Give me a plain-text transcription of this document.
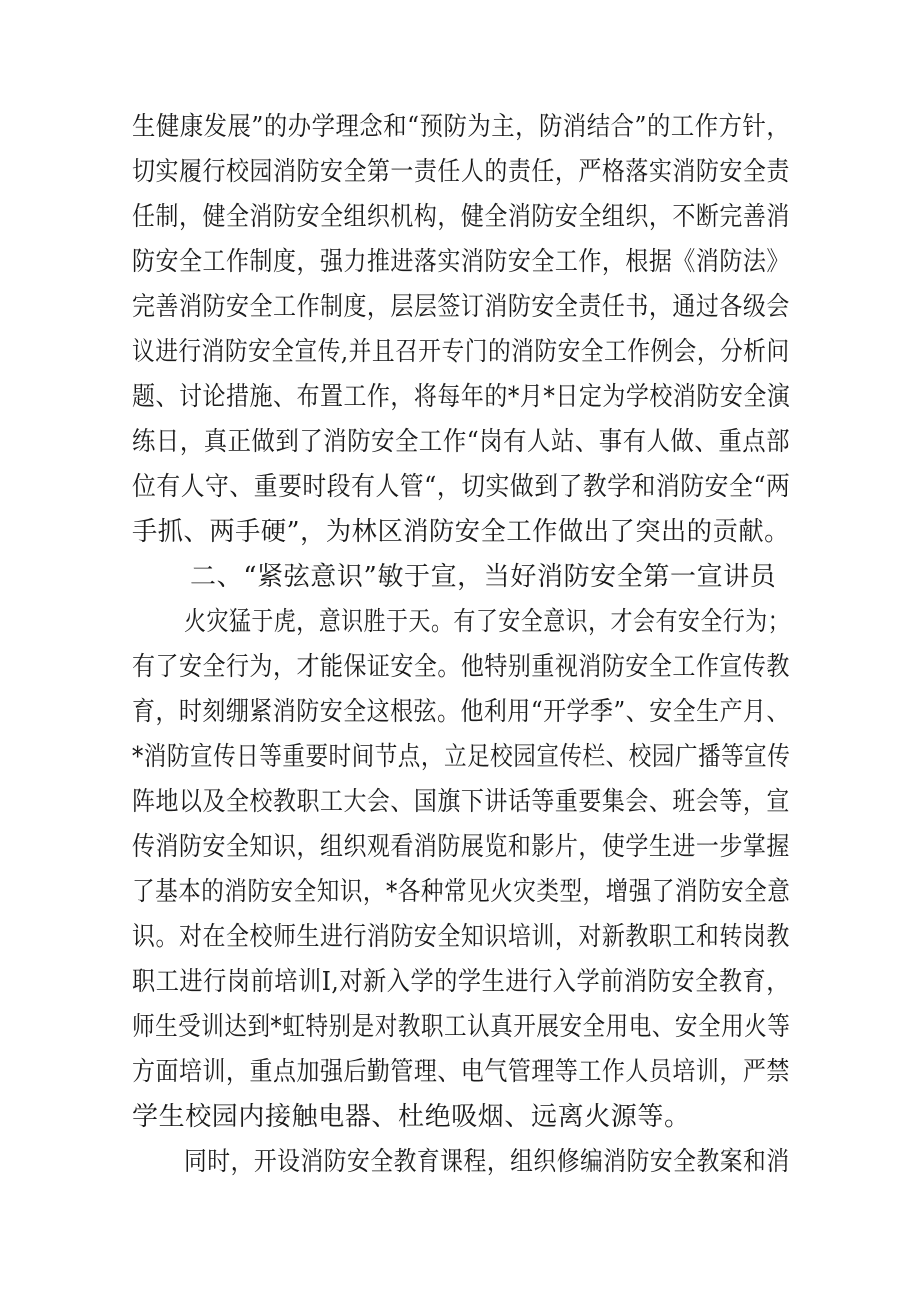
生健康发展”的办学理念和“预防为主，防消结合”的工作方针，
切实履行校园消防安全第一责任人的责任，严格落实消防安全责
任制，健全消防安全组织机构，健全消防安全组织，不断完善消
防安全工作制度，强力推进落实消防安全工作，根据《消防法》
完善消防安全工作制度，层层签订消防安全责任书，通过各级会
议进行消防安全宣传,并且召开专门的消防安全工作例会，分析问
题、讨论措施、布置工作，将每年的*月*日定为学校消防安全演
练日，真正做到了消防安全工作“岗有人站、事有人做、重点部
位有人守、重要时段有人管“，切实做到了教学和消防安全“两
手抓、两手硬”，为林区消防安全工作做出了突出的贡献。
二、“紧弦意识”敏于宣，当好消防安全第一宣讲员
火灾猛于虎，意识胜于天。有了安全意识，才会有安全行为；
有了安全行为，才能保证安全。他特别重视消防安全工作宣传教
育，时刻绷紧消防安全这根弦。他利用“开学季”、安全生产月、
*消防宣传日等重要时间节点，立足校园宣传栏、校园广播等宣传
阵地以及全校教职工大会、国旗下讲话等重要集会、班会等，宣
传消防安全知识，组织观看消防展览和影片，使学生进一步掌握
了基本的消防安全知识，*各种常见火灾类型，增强了消防安全意
识。对在全校师生进行消防安全知识培训，对新教职工和转岗教
职工进行岗前培训Ⅰ,对新入学的学生进行入学前消防安全教育，
师生受训达到*虹特别是对教职工认真开展安全用电、安全用火等
方面培训，重点加强后勤管理、电气管理等工作人员培训，严禁
学生校园内接触电器、杜绝吸烟、远离火源等。
同时，开设消防安全教育课程，组织修编消防安全教案和消
